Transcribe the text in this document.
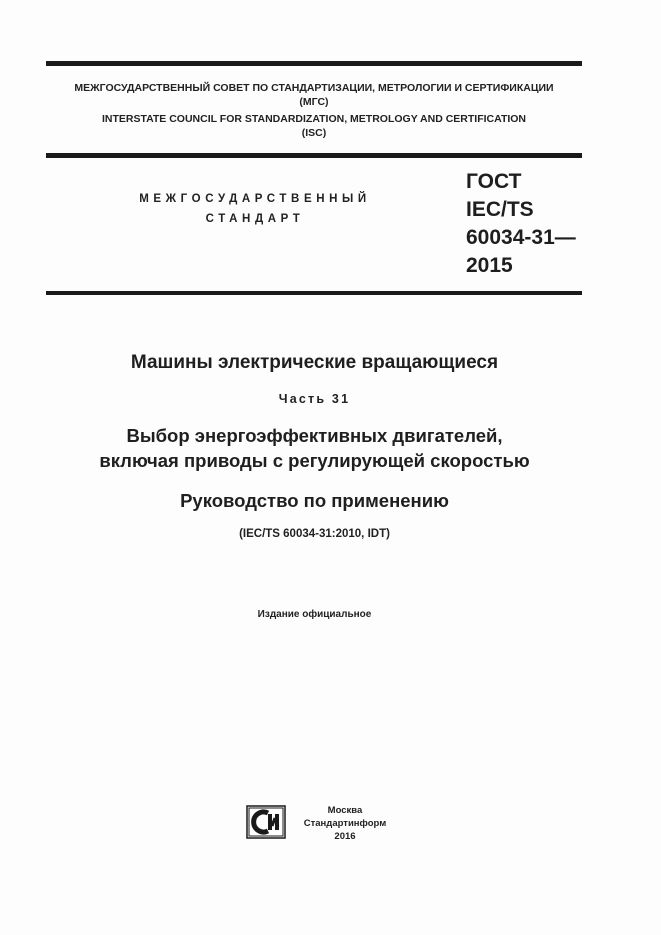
МЕЖГОСУДАРСТВЕННЫЙ СОВЕТ ПО СТАНДАРТИЗАЦИИ, МЕТРОЛОГИИ И СЕРТИФИКАЦИИ
(МГС)
INTERSTATE COUNCIL FOR STANDARDIZATION, METROLOGY AND CERTIFICATION
(ISC)
МЕЖГОСУДАРСТВЕННЫЙ
СТАНДАРТ
ГОСТ
IEC/TS
60034-31—
2015
Машины электрические вращающиеся
Часть 31
Выбор энергоэффективных двигателей,
включая приводы с регулирующей скоростью
Руководство по применению
(IEC/TS 60034-31:2010, IDT)
Издание официальное
Москва
Стандартинформ
2016
